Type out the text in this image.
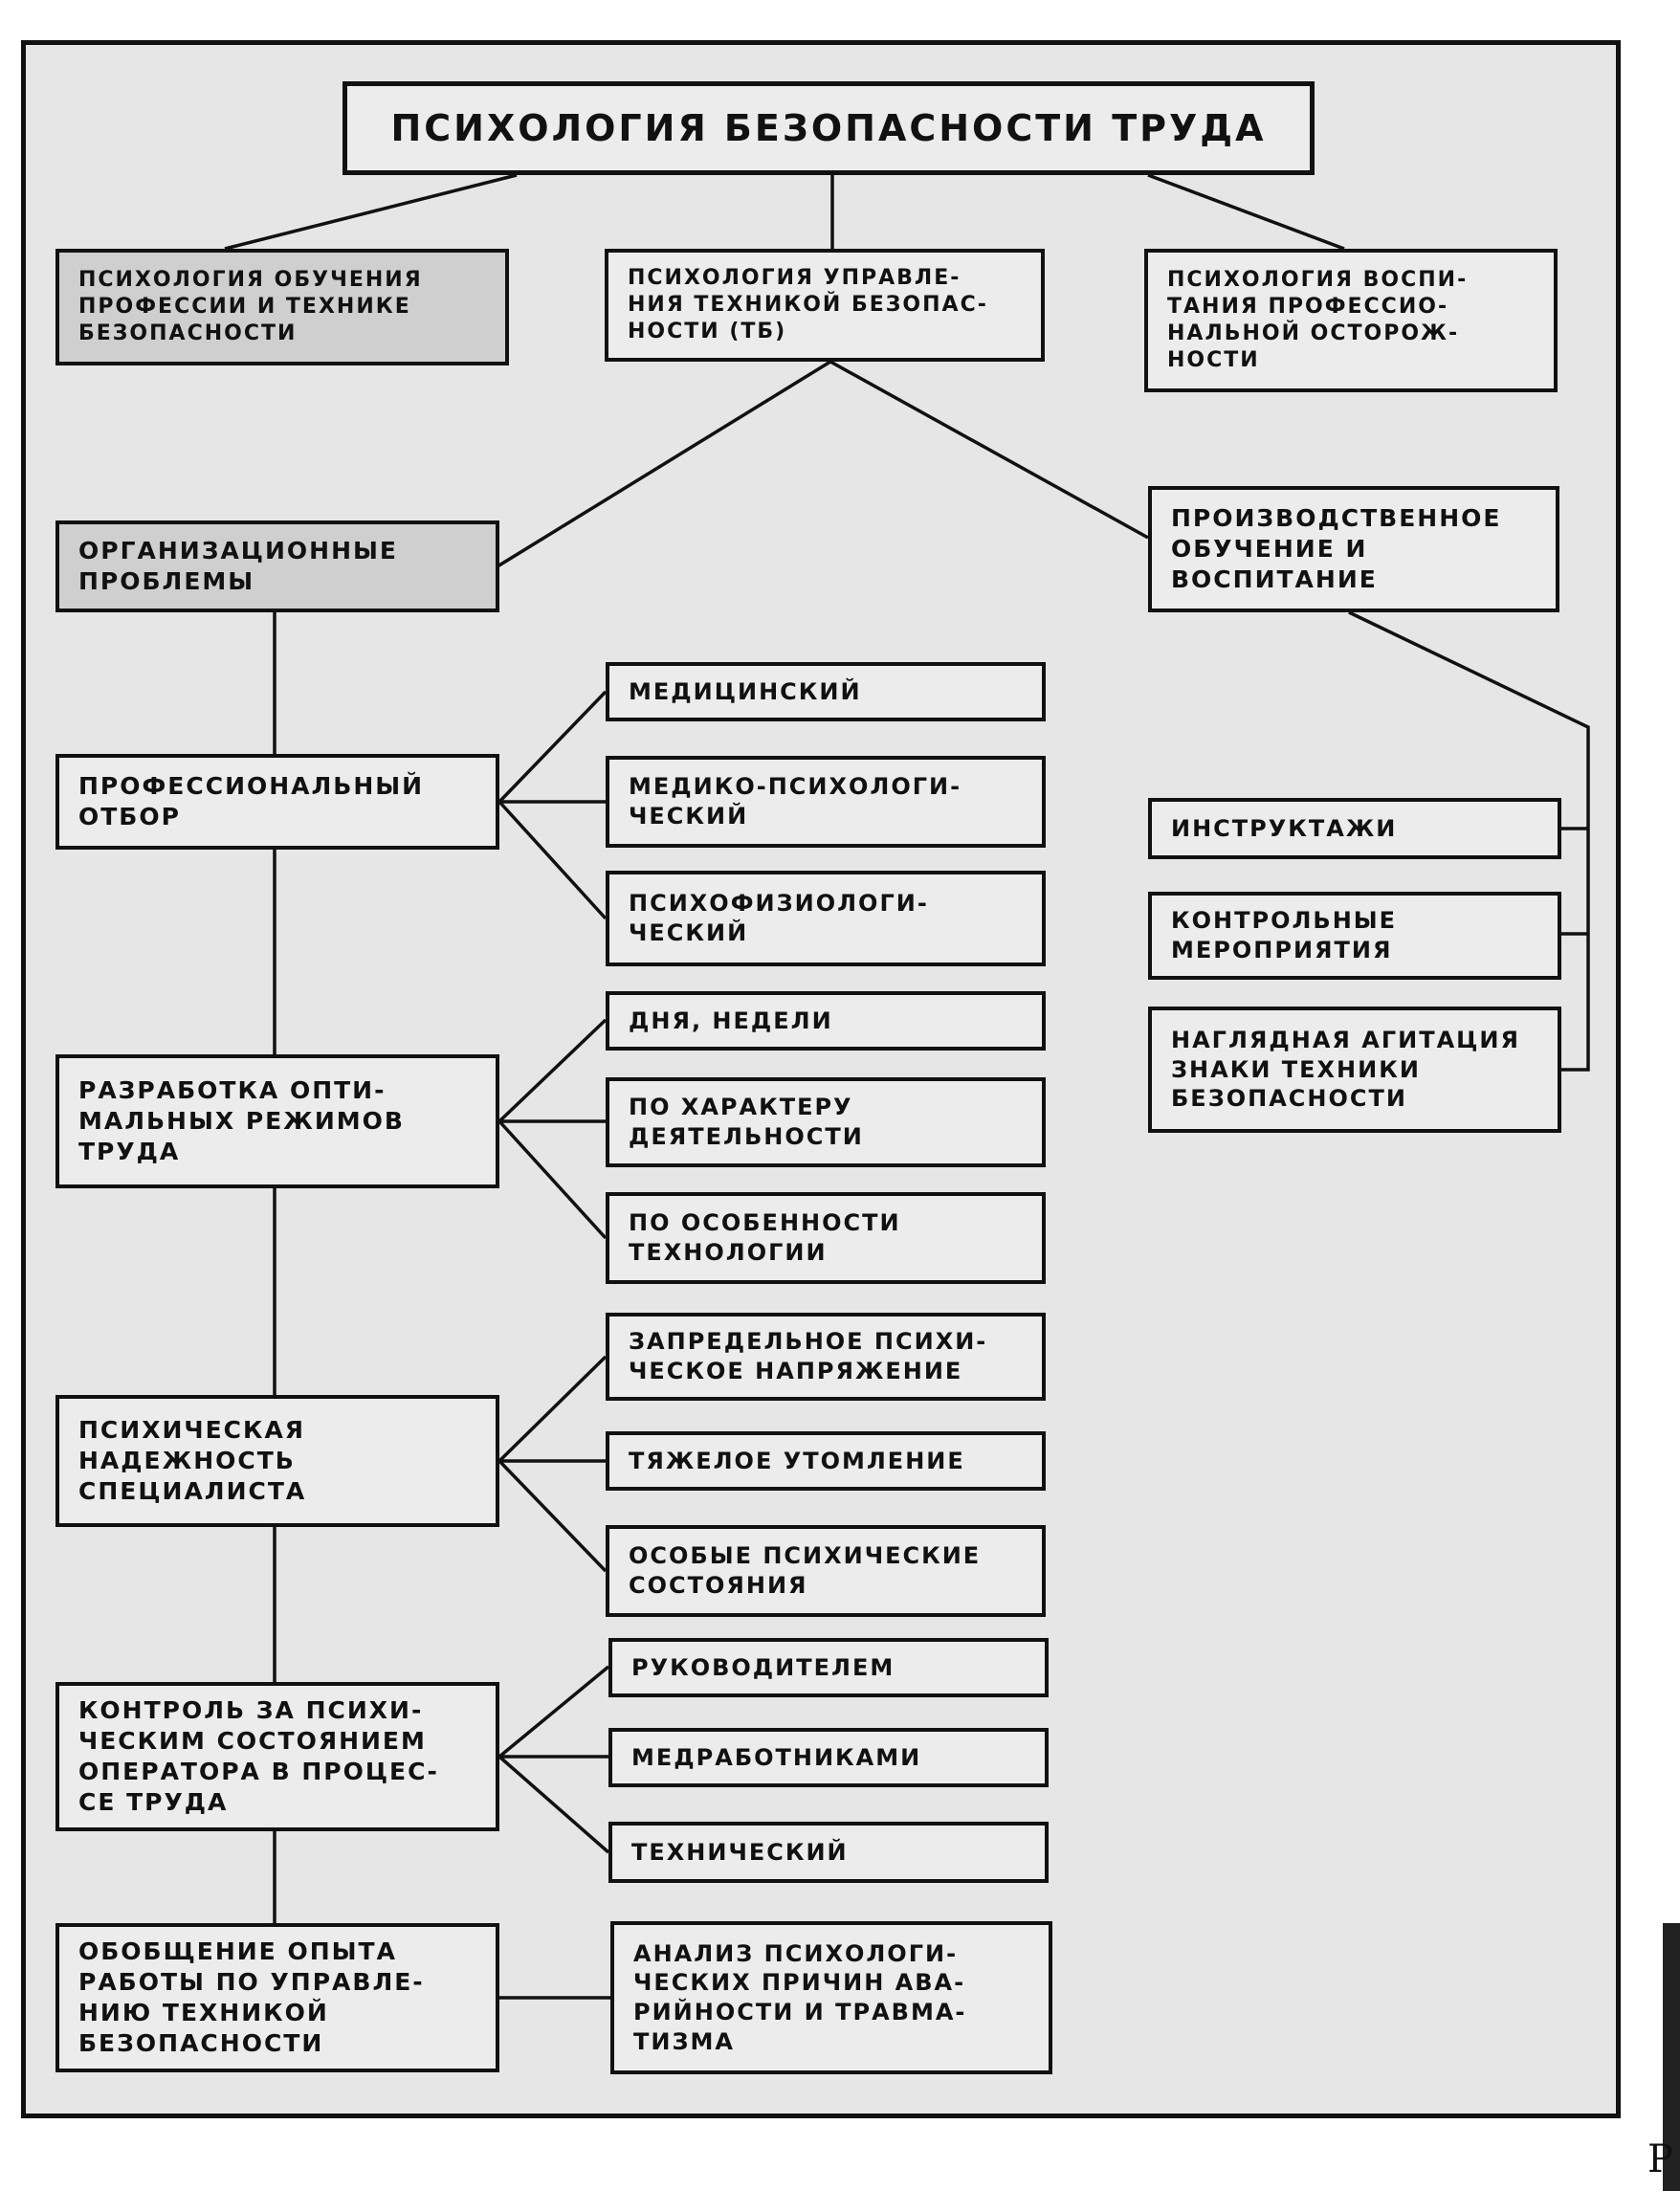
ПСИХОЛОГИЯ БЕЗОПАСНОСТИ ТРУДА
ПСИХОЛОГИЯ ОБУЧЕНИЯ
ПРОФЕССИИ И ТЕХНИКЕ
БЕЗОПАСНОСТИ
ПСИХОЛОГИЯ УПРАВЛЕ-
НИЯ ТЕХНИКОЙ БЕЗОПАС-
НОСТИ (ТБ)
ПСИХОЛОГИЯ ВОСПИ-
ТАНИЯ ПРОФЕССИО-
НАЛЬНОЙ ОСТОРОЖ-
НОСТИ
ОРГАНИЗАЦИОННЫЕ
ПРОБЛЕМЫ
ПРОФЕССИОНАЛЬНЫЙ
ОТБОР
МЕДИЦИНСКИЙ
МЕДИКО-ПСИХОЛОГИ-
ЧЕСКИЙ
ПСИХОФИЗИОЛОГИ-
ЧЕСКИЙ
РАЗРАБОТКА ОПТИ-
МАЛЬНЫХ РЕЖИМОВ
ТРУДА
ДНЯ, НЕДЕЛИ
ПО ХАРАКТЕРУ
ДЕЯТЕЛЬНОСТИ
ПО ОСОБЕННОСТИ
ТЕХНОЛОГИИ
ПСИХИЧЕСКАЯ
НАДЕЖНОСТЬ
СПЕЦИАЛИСТА
ЗАПРЕДЕЛЬНОЕ ПСИХИ-
ЧЕСКОЕ НАПРЯЖЕНИЕ
ТЯЖЕЛОЕ УТОМЛЕНИЕ
ОСОБЫЕ ПСИХИЧЕСКИЕ
СОСТОЯНИЯ
КОНТРОЛЬ ЗА ПСИХИ-
ЧЕСКИМ СОСТОЯНИЕМ
ОПЕРАТОРА В ПРОЦЕС-
СЕ ТРУДА
РУКОВОДИТЕЛЕМ
МЕДРАБОТНИКАМИ
ТЕХНИЧЕСКИЙ
ОБОБЩЕНИЕ ОПЫТА
РАБОТЫ ПО УПРАВЛЕ-
НИЮ ТЕХНИКОЙ
БЕЗОПАСНОСТИ
АНАЛИЗ ПСИХОЛОГИ-
ЧЕСКИХ ПРИЧИН АВА-
РИЙНОСТИ И ТРАВМА-
ТИЗМА
ПРОИЗВОДСТВЕННОЕ
ОБУЧЕНИЕ И
ВОСПИТАНИЕ
ИНСТРУКТАЖИ
КОНТРОЛЬНЫЕ
МЕРОПРИЯТИЯ
НАГЛЯДНАЯ АГИТАЦИЯ
ЗНАКИ ТЕХНИКИ
БЕЗОПАСНОСТИ
Р
